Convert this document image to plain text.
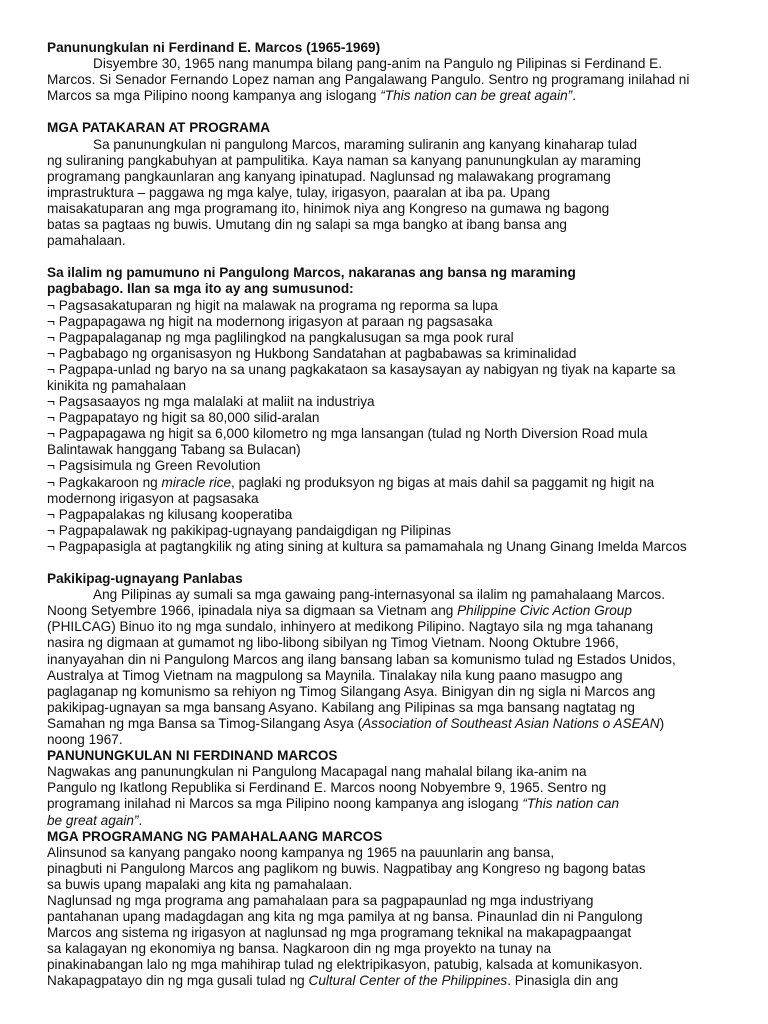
Panunungkulan ni Ferdinand E. Marcos (1965-1969)
Disyembre 30, 1965 nang manumpa bilang pang-anim na Pangulo ng Pilipinas si Ferdinand E.
Marcos. Si Senador Fernando Lopez naman ang Pangalawang Pangulo. Sentro ng programang inilahad ni
Marcos sa mga Pilipino noong kampanya ang islogang “This nation can be great again”.
MGA PATAKARAN AT PROGRAMA
Sa panunungkulan ni pangulong Marcos, maraming suliranin ang kanyang kinaharap tulad
ng suliraning pangkabuhyan at pampulitika. Kaya naman sa kanyang panunungkulan ay maraming
programang pangkaunlaran ang kanyang ipinatupad. Naglunsad ng malawakang programang
imprastruktura – paggawa ng mga kalye, tulay, irigasyon, paaralan at iba pa. Upang
maisakatuparan ang mga programang ito, hinimok niya ang Kongreso na gumawa ng bagong
batas sa pagtaas ng buwis. Umutang din ng salapi sa mga bangko at ibang bansa ang
pamahalaan.
Sa ilalim ng pamumuno ni Pangulong Marcos, nakaranas ang bansa ng maraming
pagbabago. Ilan sa mga ito ay ang sumusunod:
¬ Pagsasakatuparan ng higit na malawak na programa ng reporma sa lupa
¬ Pagpapagawa ng higit na modernong irigasyon at paraan ng pagsasaka
¬ Pagpapalaganap ng mga paglilingkod na pangkalusugan sa mga pook rural
¬ Pagbabago ng organisasyon ng Hukbong Sandatahan at pagbabawas sa kriminalidad
¬ Pagpapa-unlad ng baryo na sa unang pagkakataon sa kasaysayan ay nabigyan ng tiyak na kaparte sa
kinikita ng pamahalaan
¬ Pagsasaayos ng mga malalaki at maliit na industriya
¬ Pagpapatayo ng higit sa 80,000 silid-aralan
¬ Pagpapagawa ng higit sa 6,000 kilometro ng mga lansangan (tulad ng North Diversion Road mula
Balintawak hanggang Tabang sa Bulacan)
¬ Pagsisimula ng Green Revolution
¬ Pagkakaroon ng miracle rice, paglaki ng produksyon ng bigas at mais dahil sa paggamit ng higit na
modernong irigasyon at pagsasaka
¬ Pagpapalakas ng kilusang kooperatiba
¬ Pagpapalawak ng pakikipag-ugnayang pandaigdigan ng Pilipinas
¬ Pagpapasigla at pagtangkilik ng ating sining at kultura sa pamamahala ng Unang Ginang Imelda Marcos
Pakikipag-ugnayang Panlabas
Ang Pilipinas ay sumali sa mga gawaing pang-internasyonal sa ilalim ng pamahalaang Marcos.
Noong Setyembre 1966, ipinadala niya sa digmaan sa Vietnam ang Philippine Civic Action Group
(PHILCAG) Binuo ito ng mga sundalo, inhinyero at medikong Pilipino. Nagtayo sila ng mga tahanang
nasira ng digmaan at gumamot ng libo-libong sibilyan ng Timog Vietnam. Noong Oktubre 1966,
inanyayahan din ni Pangulong Marcos ang ilang bansang laban sa komunismo tulad ng Estados Unidos,
Australya at Timog Vietnam na magpulong sa Maynila. Tinalakay nila kung paano masugpo ang
paglaganap ng komunismo sa rehiyon ng Timog Silangang Asya. Binigyan din ng sigla ni Marcos ang
pakikipag-ugnayan sa mga bansang Asyano. Kabilang ang Pilipinas sa mga bansang nagtatag ng
Samahan ng mga Bansa sa Timog-Silangang Asya (Association of Southeast Asian Nations o ASEAN)
noong 1967.
PANUNUNGKULAN NI FERDINAND MARCOS
Nagwakas ang panunungkulan ni Pangulong Macapagal nang mahalal bilang ika-anim na
Pangulo ng Ikatlong Republika si Ferdinand E. Marcos noong Nobyembre 9, 1965. Sentro ng
programang inilahad ni Marcos sa mga Pilipino noong kampanya ang islogang “This nation can
be great again”.
MGA PROGRAMANG NG PAMAHALAANG MARCOS
Alinsunod sa kanyang pangako noong kampanya ng 1965 na pauunlarin ang bansa,
pinagbuti ni Pangulong Marcos ang paglikom ng buwis. Nagpatibay ang Kongreso ng bagong batas
sa buwis upang mapalaki ang kita ng pamahalaan.
Naglunsad ng mga programa ang pamahalaan para sa pagpapaunlad ng mga industriyang
pantahanan upang madagdagan ang kita ng mga pamilya at ng bansa. Pinaunlad din ni Pangulong
Marcos ang sistema ng irigasyon at naglunsad ng mga programang teknikal na makapagpaangat
sa kalagayan ng ekonomiya ng bansa. Nagkaroon din ng mga proyekto na tunay na
pinakinabangan lalo ng mga mahihirap tulad ng elektripikasyon, patubig, kalsada at komunikasyon.
Nakapagpatayo din ng mga gusali tulad ng Cultural Center of the Philippines. Pinasigla din ang
